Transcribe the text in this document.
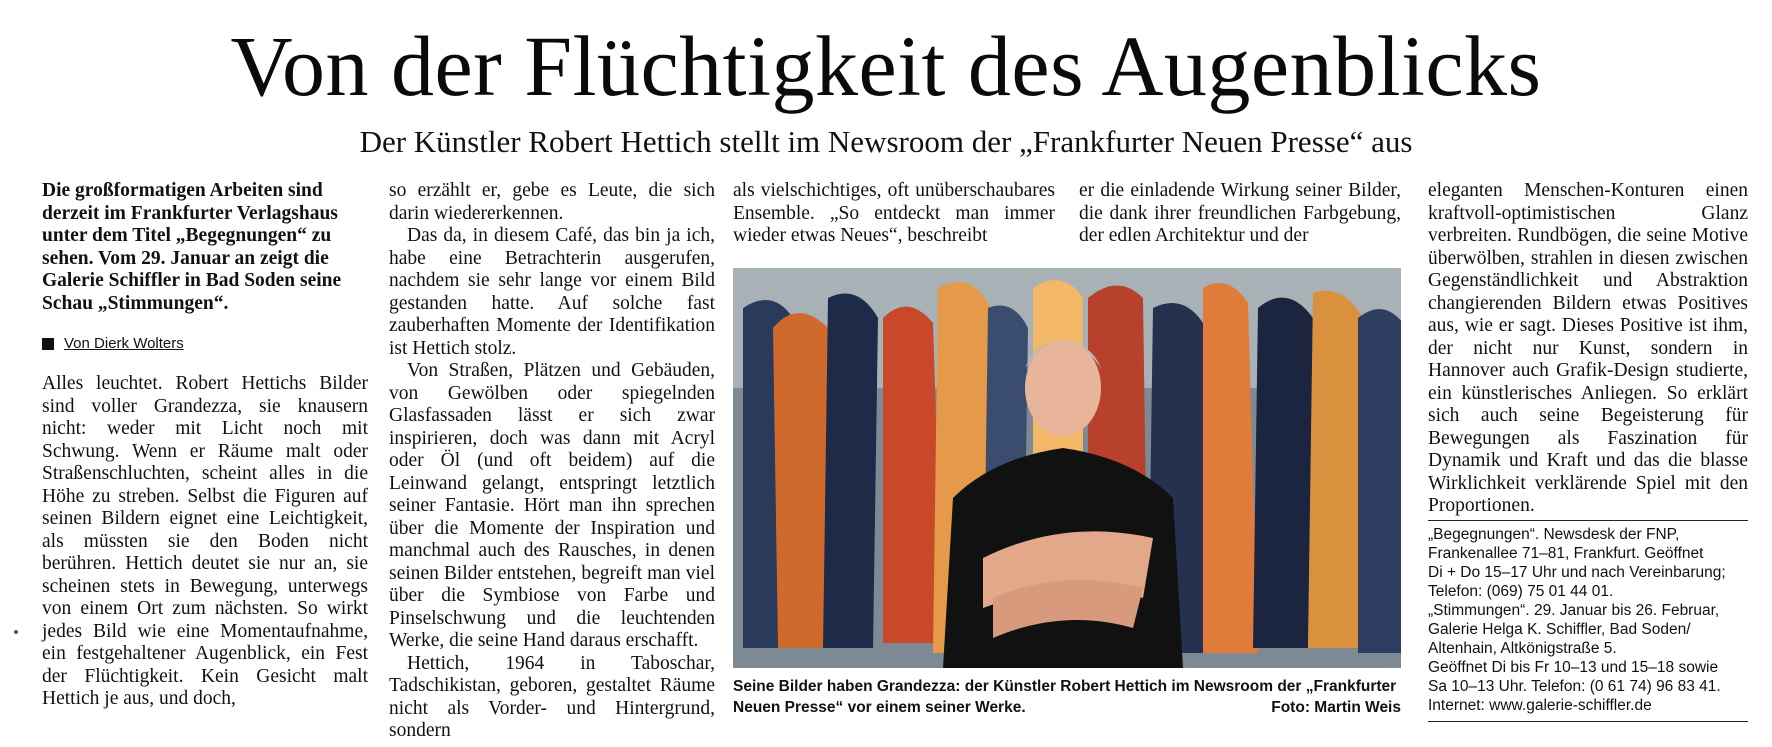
Von der Flüchtigkeit des Augenblicks
Der Künstler Robert Hettich stellt im Newsroom der „Frankfurter Neuen Presse“ aus

Die großformatigen Arbeiten sind derzeit im Frankfurter Verlagshaus unter dem Titel „Begegnungen“ zu sehen. Vom 29. Januar an zeigt die Galerie Schiffler in Bad Soden seine Schau „Stimmungen“.

Von Dierk Wolters

Alles leuchtet. Robert Hettichs Bilder sind voller Grandezza, sie knausern nicht: weder mit Licht noch mit Schwung. Wenn er Räume malt oder Straßenschluchten, scheint alles in die Höhe zu streben. Selbst die Figuren auf seinen Bildern eignet eine Leichtigkeit, als müssten sie den Boden nicht berühren. Hettich deutet sie nur an, sie scheinen stets in Bewegung, unterwegs von einem Ort zum nächsten. So wirkt jedes Bild wie eine Momentaufnahme, ein festgehaltener Augenblick, ein Fest der Flüchtigkeit. Kein Gesicht malt Hettich je aus, und doch,

so erzählt er, gebe es Leute, die sich darin wiedererkennen.

Das da, in diesem Café, das bin ja ich, habe eine Betrachterin ausgerufen, nachdem sie sehr lange vor einem Bild gestanden hatte. Auf solche fast zauberhaften Momente der Identifikation ist Hettich stolz.

Von Straßen, Plätzen und Gebäuden, von Gewölben oder spiegelnden Glasfassaden lässt er sich zwar inspirieren, doch was dann mit Acryl oder Öl (und oft beidem) auf die Leinwand gelangt, entspringt letztlich seiner Fantasie. Hört man ihn sprechen über die Momente der Inspiration und manchmal auch des Rausches, in denen seinen Bilder entstehen, begreift man viel über die Symbiose von Farbe und Pinselschwung und die leuchtenden Werke, die seine Hand daraus erschafft.

Hettich, 1964 in Taboschar, Tadschikistan, geboren, gestaltet Räume nicht als Vorder- und Hintergrund, sondern

als vielschichtiges, oft unüberschaubares Ensemble. „So entdeckt man immer wieder etwas Neues“, beschreibt

er die einladende Wirkung seiner Bilder, die dank ihrer freundlichen Farbgebung, der edlen Architektur und der

eleganten Menschen-Konturen einen kraftvoll-optimistischen Glanz verbreiten. Rundbögen, die seine Motive überwölben, strahlen in diesen zwischen Gegenständlichkeit und Abstraktion changierenden Bildern etwas Positives aus, wie er sagt. Dieses Positive ist ihm, der nicht nur Kunst, sondern in Hannover auch Grafik-Design studierte, ein künstlerisches Anliegen. So erklärt sich auch seine Begeisterung für Bewegungen als Faszination für Dynamik und Kraft und das die blasse Wirklichkeit verklärende Spiel mit den Proportionen.

Seine Bilder haben Grandezza: der Künstler Robert Hettich im Newsroom der „Frankfurter Neuen Presse“ vor einem seiner Werke.	Foto: Martin Weis
„Begegnungen“. Newsdesk der FNP,
Frankenallee 71–81, Frankfurt. Geöffnet
Di + Do 15–17 Uhr und nach Vereinbarung;
Telefon: (069) 75 01 44 01.
„Stimmungen“. 29. Januar bis 26. Februar,
Galerie Helga K. Schiffler, Bad Soden/
Altenhain, Altkönigstraße 5.
Geöffnet Di bis Fr 10–13 und 15–18 sowie
Sa 10–13 Uhr. Telefon: (0 61 74) 96 83 41.
Internet: www.galerie-schiffler.de
